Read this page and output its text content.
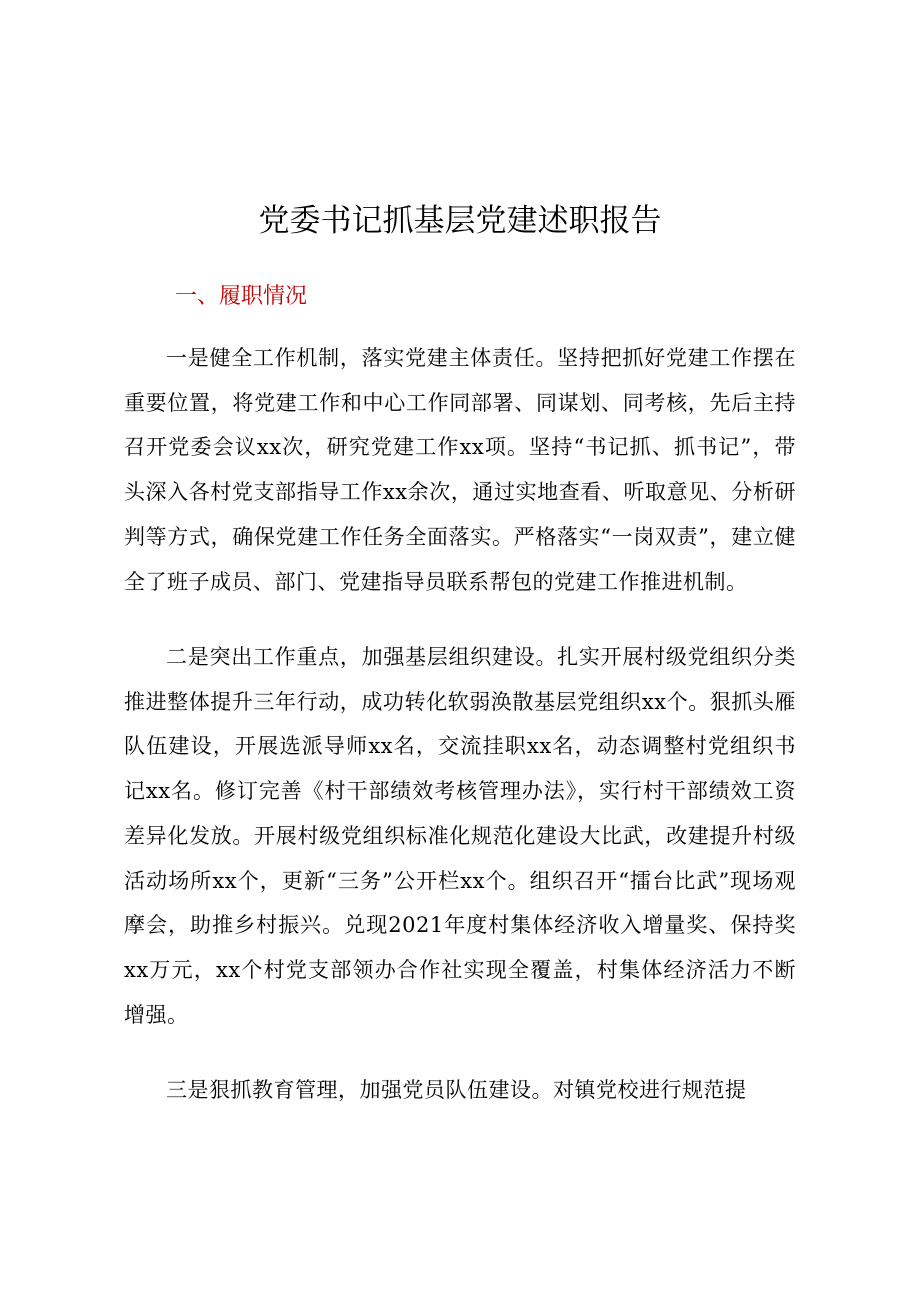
党委书记抓基层党建述职报告
一、履职情况

一是健全工作机制，落实党建主体责任。坚持把抓好党建工作摆在重要位置，将党建工作和中心工作同部署、同谋划、同考核，先后主持召开党委会议xx次，研究党建工作xx项。坚持“书记抓、抓书记”，带头深入各村党支部指导工作xx余次，通过实地查看、听取意见、分析研判等方式，确保党建工作任务全面落实。严格落实“一岗双责”，建立健全了班子成员、部门、党建指导员联系帮包的党建工作推进机制。

二是突出工作重点，加强基层组织建设。扎实开展村级党组织分类推进整体提升三年行动，成功转化软弱涣散基层党组织xx个。狠抓头雁队伍建设，开展选派导师xx名，交流挂职xx名，动态调整村党组织书记xx名。修订完善《村干部绩效考核管理办法》，实行村干部绩效工资差异化发放。开展村级党组织标准化规范化建设大比武，改建提升村级活动场所xx个，更新“三务”公开栏xx个。组织召开“擂台比武”现场观摩会，助推乡村振兴。兑现2021年度村集体经济收入增量奖、保持奖xx万元，xx个村党支部领办合作社实现全覆盖，村集体经济活力不断增强。

三是狠抓教育管理，加强党员队伍建设。对镇党校进行规范提
